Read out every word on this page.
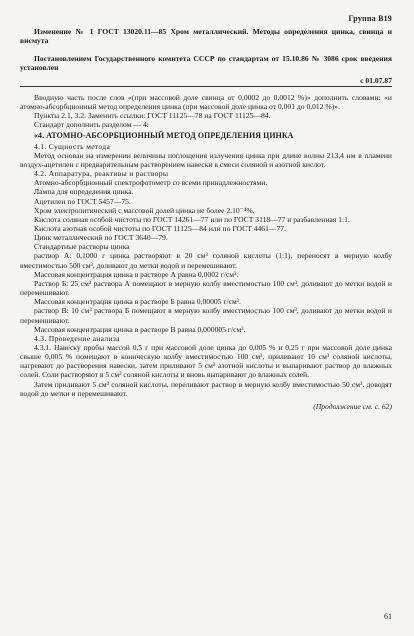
Группа В19

Изменение № 1 ГОСТ 13020.11—85 Хром металлический. Методы определения цинка, свинца и висмута

Постановлением Государственного комитета СССР по стандартам от 15.10.86 № 3086 срок введения установлен

с 01.07.87

Вводную часть после слов «(при массовой доле свинца от 0,0002 до 0,0012 %)» дополнить словами: «и атомно-абсорбционный метод определения цинка (при массовой доле цинка от 0,001 до 0,012 %)».

Пункты 2.1, 3.2. Заменить ссылки: ГОСТ 11125—78 на ГОСТ 11125—84.

Стандарт дополнить разделом — 4:

«4. АТОМНО-АБСОРБЦИОННЫЙ МЕТОД ОПРЕДЕЛЕНИЯ ЦИНКА

4.1. Сущность метода

Метод основан на измерении величины поглощения излучения цинка при длине волны 213,4 нм в пламени воздух-ацетилен с предварительным растворением навески в смеси соляной и азотной кислот.

4.2. Аппаратура, реактивы и растворы

Атомно-абсорбционный спектрофотометр со всеми принадлежностями.

Лампа для определения цинка.

Ацетилен по ГОСТ 5457—75.

Хром электролитический с массовой долей цинка не более 2.10⁻⁴%.

Кислота соляная особой чистоты по ГОСТ 14261—77 или по ГОСТ 3118—77 и разбавленная 1:1.

Кислота азотная особой чистоты по ГОСТ 11125—84 или по ГОСТ 4461—77.

Цинк металлический по ГОСТ 3640—79.

Стандартные растворы цинка

раствор А: 0,1000 г цинка растворяют в 20 см³ соляной кислоты (1:1), переносят в мерную колбу вместимостью 500 см³, доливают до метки водой и перемешивают.

Массовая концентрация цинка в растворе А равна 0,0002 г/см³.

Раствор Б: 25 см³ раствора А помещают в мерную колбу вместимостью 100 см³, доливают до метки водой и перемешивают.

Массовая концентрация цинка в растворе Б равна 0,00005 г/см³.

раствор В: 10 см³ раствора Б помещают в мерную колбу вместимостью 100 см³, доливают до метки водой и перемешивают.

Массовая концентрация цинка в растворе В равна 0,000005 г/см³.

4.3. Проведение анализа

4.3.1. Навеску пробы массой 0,5 г при массовой доле цинка до 0,005 % и 0,25 г при массовой доле цинка свыше 0,005 % помещают в коническую колбу вместимостью 100 см³, приливают 10 см³ соляной кислоты, нагревают до растворения навески, затем приливают 5 см³ азотной кислоты и выпаривают раствор до влажных солей. Соли растворяют в 5 см³ соляной кислоты и вновь выпаривают до влажных солей.

Затем приливают 5 см³ соляной кислоты, переливают раствор в мерную колбу вместимостью 50 см³, доводят водой до метки и перемешивают.

(Продолжение см. с. 62)

61
